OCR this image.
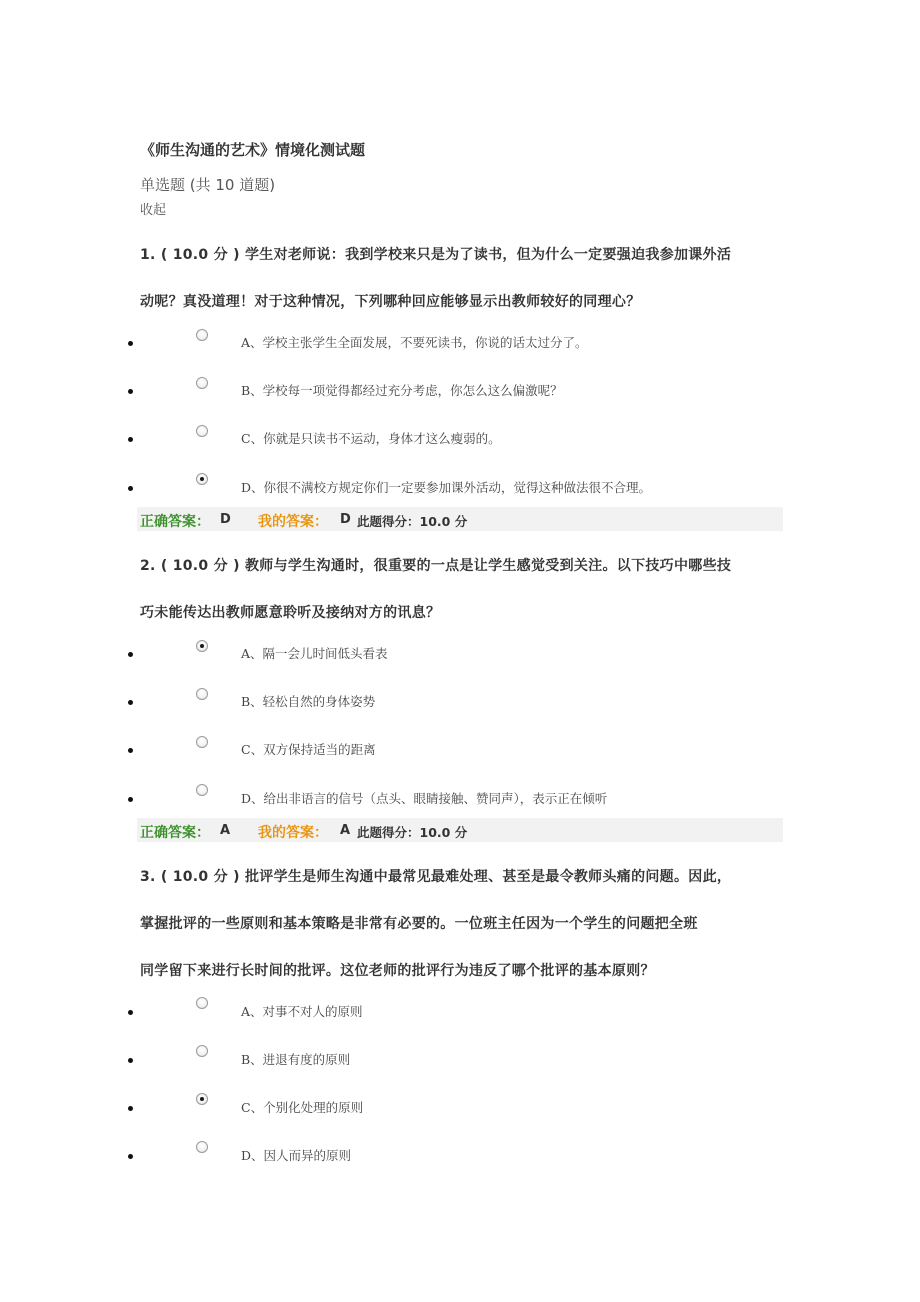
《师生沟通的艺术》情境化测试题
单选题 (共 10 道题)
收起
1. ( 10.0 分 ) 学生对老师说：我到学校来只是为了读书，但为什么一定要强迫我参加课外活
动呢？真没道理！对于这种情况，下列哪种回应能够显示出教师较好的同理心？
A、学校主张学生全面发展，不要死读书，你说的话太过分了。
B、学校每一项觉得都经过充分考虑，你怎么这么偏激呢？
C、你就是只读书不运动，身体才这么瘦弱的。
D、你很不满校方规定你们一定要参加课外活动，觉得这种做法很不合理。
正确答案： D 我的答案： D 此题得分：10.0 分
2. ( 10.0 分 ) 教师与学生沟通时，很重要的一点是让学生感觉受到关注。以下技巧中哪些技
巧未能传达出教师愿意聆听及接纳对方的讯息？
A、隔一会儿时间低头看表
B、轻松自然的身体姿势
C、双方保持适当的距离
D、给出非语言的信号（点头、眼睛接触、赞同声），表示正在倾听
正确答案： A 我的答案： A 此题得分：10.0 分
3. ( 10.0 分 ) 批评学生是师生沟通中最常见最难处理、甚至是最令教师头痛的问题。因此，
掌握批评的一些原则和基本策略是非常有必要的。一位班主任因为一个学生的问题把全班
同学留下来进行长时间的批评。这位老师的批评行为违反了哪个批评的基本原则？
A、对事不对人的原则
B、进退有度的原则
C、个别化处理的原则
D、因人而异的原则
